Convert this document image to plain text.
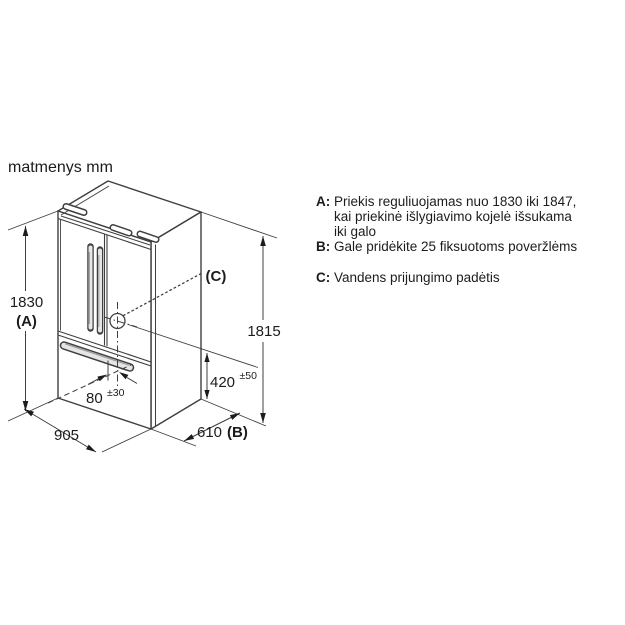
matmenys mm
(C)
1830
(A)
1815
420 ±50
80 ±30
905	610 (B)
A: Priekis reguliuojamas nuo 1830 iki 1847,
kai priekinė išlygiavimo kojelė išsukama
iki galo
B: Gale pridėkite 25 fiksuotoms poveržlėms
C: Vandens prijungimo padėtis
